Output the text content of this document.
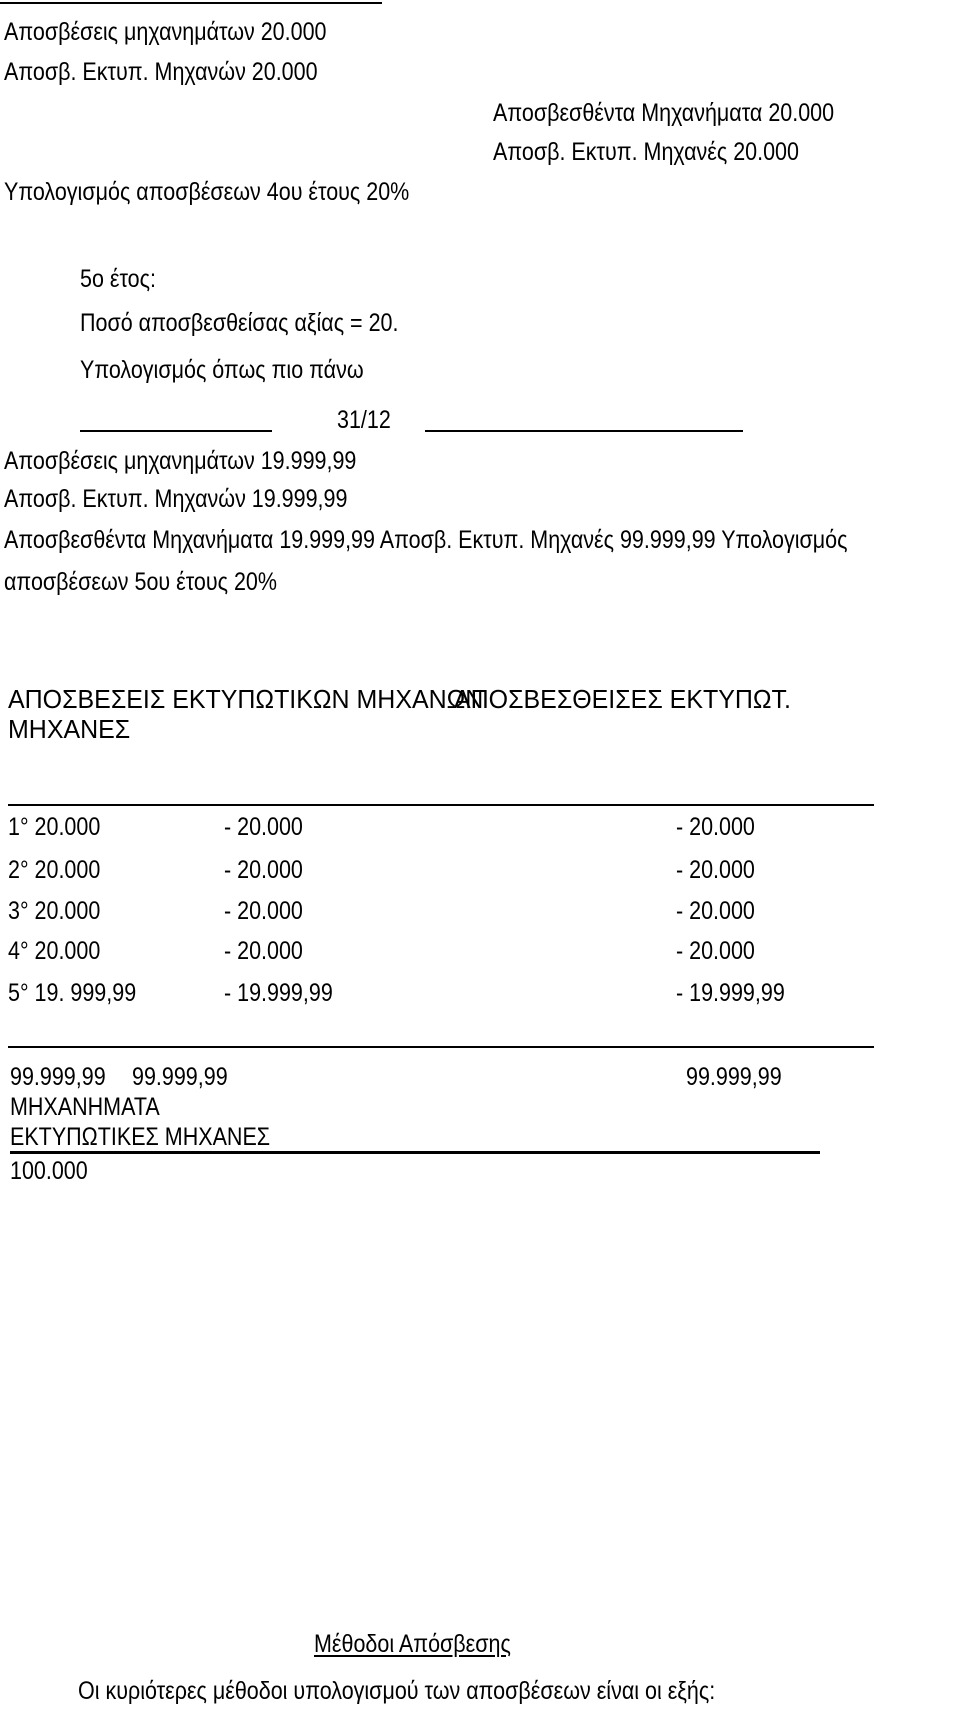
Αποσβέσεις μηχανημάτων 20.000
Αποσβ. Εκτυπ. Μηχανών 20.000
Αποσβεσθέντα Μηχανήματα 20.000
Αποσβ. Εκτυπ. Μηχανές 20.000
Υπολογισμός αποσβέσεων 4ου έτους 20%
5ο έτος:
Ποσό αποσβεσθείσας αξίας = 20.
Υπολογισμός όπως πιο πάνω
31/12
Αποσβέσεις μηχανημάτων 19.999,99
Αποσβ. Εκτυπ. Μηχανών 19.999,99
Αποσβεσθέντα Μηχανήματα 19.999,99 Αποσβ. Εκτυπ. Μηχανές 99.999,99 Υπολογισμός
αποσβέσεων 5ου έτους 20%
ΑΠΟΣΒΕΣΕΙΣ ΕΚΤΥΠΩΤΙΚΩΝ ΜΗΧΑΝΩΝ
ΑΠΟΣΒΕΣΘΕΙΣΕΣ ΕΚΤΥΠΩΤ.
ΜΗΧΑΝΕΣ
1° 20.000	- 20.000	- 20.000
2° 20.000	- 20.000	- 20.000
3° 20.000	- 20.000	- 20.000
4° 20.000	- 20.000	- 20.000
5° 19. 999,99	- 19.999,99	- 19.999,99
99.999,99 99.999,99	99.999,99
ΜΗΧΑΝΗΜΑΤΑ
ΕΚΤΥΠΩΤΙΚΕΣ ΜΗΧΑΝΕΣ
100.000
Μέθοδοι Απόσβεσης
Οι κυριότερες μέθοδοι υπολογισμού των αποσβέσεων είναι οι εξής:
